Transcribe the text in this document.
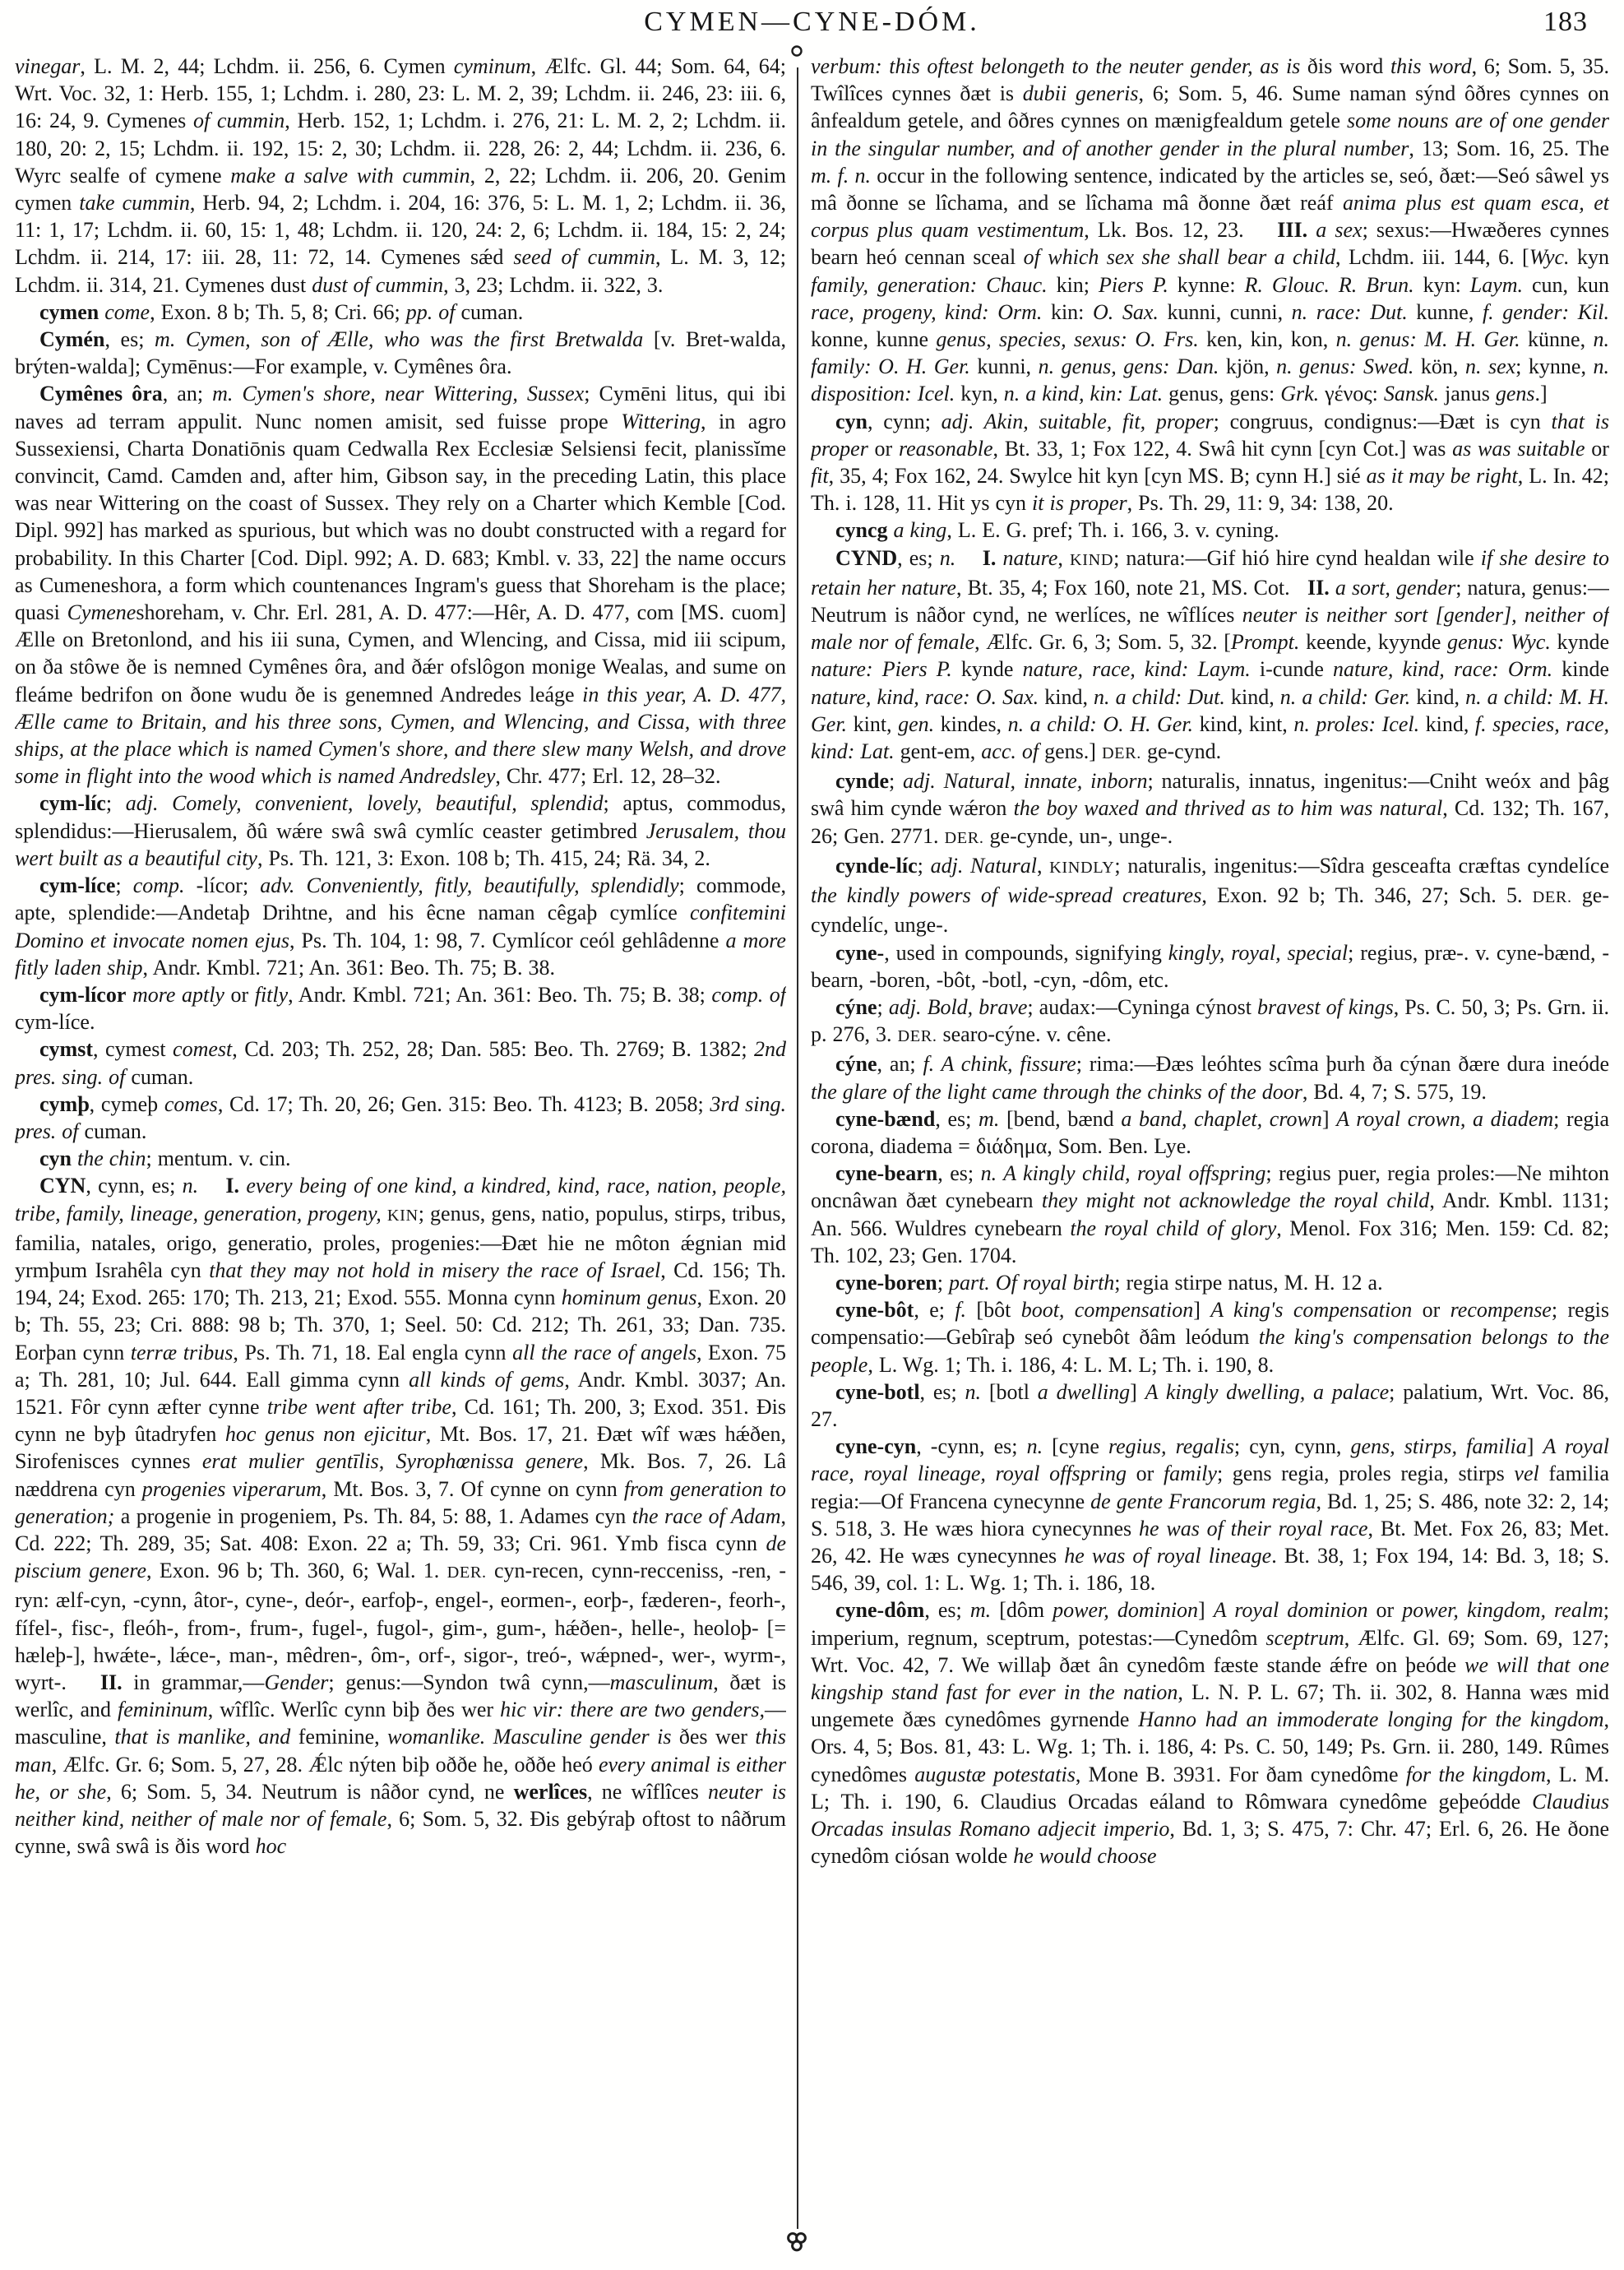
CYMEN—CYNE-DÓM.	183

vinegar, L. M. 2, 44; Lchdm. ii. 256, 6. Cymen cyminum, Ælfc. Gl. 44; Som. 64, 64; Wrt. Voc. 32, 1: Herb. 155, 1; Lchdm. i. 280, 23: L. M. 2, 39; Lchdm. ii. 246, 23: iii. 6, 16: 24, 9. Cymenes of cummin, Herb. 152, 1; Lchdm. i. 276, 21: L. M. 2, 2; Lchdm. ii. 180, 20: 2, 15; Lchdm. ii. 192, 15: 2, 30; Lchdm. ii. 228, 26: 2, 44; Lchdm. ii. 236, 6. Wyrc sealfe of cymene make a salve with cummin, 2, 22; Lchdm. ii. 206, 20. Genim cymen take cummin, Herb. 94, 2; Lchdm. i. 204, 16: 376, 5: L. M. 1, 2; Lchdm. ii. 36, 11: 1, 17; Lchdm. ii. 60, 15: 1, 48; Lchdm. ii. 120, 24: 2, 6; Lchdm. ii. 184, 15: 2, 24; Lchdm. ii. 214, 17: iii. 28, 11: 72, 14. Cymenes sǽd seed of cummin, L. M. 3, 12; Lchdm. ii. 314, 21. Cymenes dust dust of cummin, 3, 23; Lchdm. ii. 322, 3.

cymen come, Exon. 8 b; Th. 5, 8; Cri. 66; pp. of cuman.

Cymén, es; m. Cymen, son of Ælle, who was the first Bretwalda [v. Bret-walda, brýten-walda]; Cymēnus:—For example, v. Cymênes ôra.

Cymênes ôra, an; m. Cymen's shore, near Wittering, Sussex; Cymēni litus, qui ibi naves ad terram appulit. Nunc nomen amisit, sed fuisse prope Wittering, in agro Sussexiensi, Charta Donatiōnis quam Cedwalla Rex Ecclesiæ Selsiensi fecit, planissĭme convincit, Camd. Camden and, after him, Gibson say, in the preceding Latin, this place was near Wittering on the coast of Sussex. They rely on a Charter which Kemble [Cod. Dipl. 992] has marked as spurious, but which was no doubt constructed with a regard for probability. In this Charter [Cod. Dipl. 992; A. D. 683; Kmbl. v. 33, 22] the name occurs as Cumeneshora, a form which countenances Ingram's guess that Shoreham is the place; quasi Cymeneshoreham, v. Chr. Erl. 281, A. D. 477:—Hêr, A. D. 477, com [MS. cuom] Ælle on Bretonlond, and his iii suna, Cymen, and Wlencing, and Cissa, mid iii scipum, on ða stôwe ðe is nemned Cymênes ôra, and ðǽr ofslôgon monige Wealas, and sume on fleáme bedrifon on ðone wudu ðe is genemned Andredes leáge in this year, A. D. 477, Ælle came to Britain, and his three sons, Cymen, and Wlencing, and Cissa, with three ships, at the place which is named Cymen's shore, and there slew many Welsh, and drove some in flight into the wood which is named Andredsley, Chr. 477; Erl. 12, 28–32.

cym-líc; adj. Comely, convenient, lovely, beautiful, splendid; aptus, commodus, splendidus:—Hierusalem, ðû wǽre swâ swâ cymlíc ceaster getimbred Jerusalem, thou wert built as a beautiful city, Ps. Th. 121, 3: Exon. 108 b; Th. 415, 24; Rä. 34, 2.

cym-líce; comp. -lícor; adv. Conveniently, fitly, beautifully, splendidly; commode, apte, splendide:—Andetaþ Drihtne, and his êcne naman cêgaþ cymlíce confitemini Domino et invocate nomen ejus, Ps. Th. 104, 1: 98, 7. Cymlícor ceól gehlâdenne a more fitly laden ship, Andr. Kmbl. 721; An. 361: Beo. Th. 75; B. 38.

cym-lícor more aptly or fitly, Andr. Kmbl. 721; An. 361: Beo. Th. 75; B. 38; comp. of cym-líce.

cymst, cymest comest, Cd. 203; Th. 252, 28; Dan. 585: Beo. Th. 2769; B. 1382; 2nd pres. sing. of cuman.

cymþ, cymeþ comes, Cd. 17; Th. 20, 26; Gen. 315: Beo. Th. 4123; B. 2058; 3rd sing. pres. of cuman.

cyn the chin; mentum. v. cin.

CYN, cynn, es; n. I. every being of one kind, a kindred, kind, race, nation, people, tribe, family, lineage, generation, progeny, KIN; genus, gens, natio, populus, stirps, tribus, familia, natales, origo, generatio, proles, progenies:—Ðæt hie ne môton ǽgnian mid yrmþum Israhêla cyn that they may not hold in misery the race of Israel, Cd. 156; Th. 194, 24; Exod. 265: 170; Th. 213, 21; Exod. 555. Monna cynn hominum genus, Exon. 20 b; Th. 55, 23; Cri. 888: 98 b; Th. 370, 1; Seel. 50: Cd. 212; Th. 261, 33; Dan. 735. Eorþan cynn terræ tribus, Ps. Th. 71, 18. Eal engla cynn all the race of angels, Exon. 75 a; Th. 281, 10; Jul. 644. Eall gimma cynn all kinds of gems, Andr. Kmbl. 3037; An. 1521. Fôr cynn æfter cynne tribe went after tribe, Cd. 161; Th. 200, 3; Exod. 351. Ðis cynn ne byþ ûtadryfen hoc genus non ejicitur, Mt. Bos. 17, 21. Ðæt wîf wæs hǽðen, Sirofenisces cynnes erat mulier gentīlis, Syrophœnissa genere, Mk. Bos. 7, 26. Lâ næddrena cyn progenies viperarum, Mt. Bos. 3, 7. Of cynne on cynn from generation to generation; a progenie in progeniem, Ps. Th. 84, 5: 88, 1. Adames cyn the race of Adam, Cd. 222; Th. 289, 35; Sat. 408: Exon. 22 a; Th. 59, 33; Cri. 961. Ymb fisca cynn de piscium genere, Exon. 96 b; Th. 360, 6; Wal. 1. DER. cyn-recen, cynn-recceniss, -ren, -ryn: ælf-cyn, -cynn, âtor-, cyne-, deór-, earfoþ-, engel-, eormen-, eorþ-, fæderen-, feorh-, fífel-, fisc-, fleóh-, from-, frum-, fugel-, fugol-, gim-, gum-, hǽðen-, helle-, heoloþ- [= hæleþ-], hwǽte-, lǽce-, man-, mêdren-, ôm-, orf-, sigor-, treó-, wǽpned-, wer-, wyrm-, wyrt-.   II. in grammar,—Gender; genus:—Syndon twâ cynn,—masculinum, ðæt is werlîc, and femininum, wîflîc. Werlîc cynn biþ ðes wer hic vir: there are two genders,—masculine, that is manlike, and feminine, womanlike. Masculine gender is ðes wer this man, Ælfc. Gr. 6; Som. 5, 27, 28. Ǽlc nýten biþ oððe he, oððe heó every animal is either he, or she, 6; Som. 5, 34. Neutrum is nâðor cynd, ne werlîces, ne wîflîces neuter is neither kind, neither of male nor of female, 6; Som. 5, 32. Ðis gebýraþ oftost to nâðrum cynne, swâ swâ is ðis word hoc

verbum: this oftest belongeth to the neuter gender, as is ðis word this word, 6; Som. 5, 35. Twîlîces cynnes ðæt is dubii generis, 6; Som. 5, 46. Sume naman sýnd ôðres cynnes on ânfealdum getele, and ôðres cynnes on mænigfealdum getele some nouns are of one gender in the singular number, and of another gender in the plural number, 13; Som. 16, 25. The m. f. n. occur in the following sentence, indicated by the articles se, seó, ðæt:—Seó sâwel ys mâ ðonne se lîchama, and se lîchama mâ ðonne ðæt reáf anima plus est quam esca, et corpus plus quam vestimentum, Lk. Bos. 12, 23.    III. a sex; sexus:—Hwæðeres cynnes bearn heó cennan sceal of which sex she shall bear a child, Lchdm. iii. 144, 6. [Wyc. kyn family, generation: Chauc. kin; Piers P. kynne: R. Glouc. R. Brun. kyn: Laym. cun, kun race, progeny, kind: Orm. kin: O. Sax. kunni, cunni, n. race: Dut. kunne, f. gender: Kil. konne, kunne genus, species, sexus: O. Frs. ken, kin, kon, n. genus: M. H. Ger. künne, n. family: O. H. Ger. kunni, n. genus, gens: Dan. kjön, n. genus: Swed. kön, n. sex; kynne, n. disposition: Icel. kyn, n. a kind, kin: Lat. genus, gens: Grk. γένος: Sansk. janus gens.]

cyn, cynn; adj. Akin, suitable, fit, proper; congruus, condignus:—Ðæt is cyn that is proper or reasonable, Bt. 33, 1; Fox 122, 4. Swâ hit cynn [cyn Cot.] was as was suitable or fit, 35, 4; Fox 162, 24. Swylce hit kyn [cyn MS. B; cynn H.] sié as it may be right, L. In. 42; Th. i. 128, 11. Hit ys cyn it is proper, Ps. Th. 29, 11: 9, 34: 138, 20.

cyncg a king, L. E. G. pref; Th. i. 166, 3. v. cyning.

CYND, es; n. I. nature, KIND; natura:—Gif hió hire cynd healdan wile if she desire to retain her nature, Bt. 35, 4; Fox 160, note 21, MS. Cot.   II. a sort, gender; natura, genus:—Neutrum is nâðor cynd, ne werlíces, ne wîflíces neuter is neither sort [gender], neither of male nor of female, Ælfc. Gr. 6, 3; Som. 5, 32. [Prompt. keende, kyynde genus: Wyc. kynde nature: Piers P. kynde nature, race, kind: Laym. i-cunde nature, kind, race: Orm. kinde nature, kind, race: O. Sax. kind, n. a child: Dut. kind, n. a child: Ger. kind, n. a child: M. H. Ger. kint, gen. kindes, n. a child: O. H. Ger. kind, kint, n. proles: Icel. kind, f. species, race, kind: Lat. gent-em, acc. of gens.] DER. ge-cynd.

cynde; adj. Natural, innate, inborn; naturalis, innatus, ingenitus:—Cniht weóx and þâg swâ him cynde wǽron the boy waxed and thrived as to him was natural, Cd. 132; Th. 167, 26; Gen. 2771. DER. ge-cynde, un-, unge-.

cynde-líc; adj. Natural, KINDLY; naturalis, ingenitus:—Sîdra gesceafta cræftas cyndelíce the kindly powers of wide-spread creatures, Exon. 92 b; Th. 346, 27; Sch. 5. DER. ge-cyndelíc, unge-.

cyne-, used in compounds, signifying kingly, royal, special; regius, præ-. v. cyne-bænd, -bearn, -boren, -bôt, -botl, -cyn, -dôm, etc.

cýne; adj. Bold, brave; audax:—Cyninga cýnost bravest of kings, Ps. C. 50, 3; Ps. Grn. ii. p. 276, 3. DER. searo-cýne. v. cêne.

cýne, an; f. A chink, fissure; rima:—Ðæs leóhtes scîma þurh ða cýnan ðære dura ineóde the glare of the light came through the chinks of the door, Bd. 4, 7; S. 575, 19.

cyne-bænd, es; m. [bend, bænd a band, chaplet, crown] A royal crown, a diadem; regia corona, diadema = διάδημα, Som. Ben. Lye.

cyne-bearn, es; n. A kingly child, royal offspring; regius puer, regia proles:—Ne mihton oncnâwan ðæt cynebearn they might not acknowledge the royal child, Andr. Kmbl. 1131; An. 566. Wuldres cynebearn the royal child of glory, Menol. Fox 316; Men. 159: Cd. 82; Th. 102, 23; Gen. 1704.

cyne-boren; part. Of royal birth; regia stirpe natus, M. H. 12 a.

cyne-bôt, e; f. [bôt boot, compensation] A king's compensation or recompense; regis compensatio:—Gebîraþ seó cynebôt ðâm leódum the king's compensation belongs to the people, L. Wg. 1; Th. i. 186, 4: L. M. L; Th. i. 190, 8.

cyne-botl, es; n. [botl a dwelling] A kingly dwelling, a palace; palatium, Wrt. Voc. 86, 27.

cyne-cyn, -cynn, es; n. [cyne regius, regalis; cyn, cynn, gens, stirps, familia] A royal race, royal lineage, royal offspring or family; gens regia, proles regia, stirps vel familia regia:—Of Francena cynecynne de gente Francorum regia, Bd. 1, 25; S. 486, note 32: 2, 14; S. 518, 3. He wæs hiora cynecynnes he was of their royal race, Bt. Met. Fox 26, 83; Met. 26, 42. He wæs cynecynnes he was of royal lineage. Bt. 38, 1; Fox 194, 14: Bd. 3, 18; S. 546, 39, col. 1: L. Wg. 1; Th. i. 186, 18.

cyne-dôm, es; m. [dôm power, dominion] A royal dominion or power, kingdom, realm; imperium, regnum, sceptrum, potestas:—Cynedôm sceptrum, Ælfc. Gl. 69; Som. 69, 127; Wrt. Voc. 42, 7. We willaþ ðæt ân cynedôm fæste stande ǽfre on þeóde we will that one kingship stand fast for ever in the nation, L. N. P. L. 67; Th. ii. 302, 8. Hanna wæs mid ungemete ðæs cynedômes gyrnende Hanno had an immoderate longing for the kingdom, Ors. 4, 5; Bos. 81, 43: L. Wg. 1; Th. i. 186, 4: Ps. C. 50, 149; Ps. Grn. ii. 280, 149. Rûmes cynedômes augustæ potestatis, Mone B. 3931. For ðam cynedôme for the kingdom, L. M. L; Th. i. 190, 6. Claudius Orcadas eáland to Rômwara cynedôme geþeódde Claudius Orcadas insulas Romano adjecit imperio, Bd. 1, 3; S. 475, 7: Chr. 47; Erl. 6, 26. He ðone cynedôm ciósan wolde he would choose
